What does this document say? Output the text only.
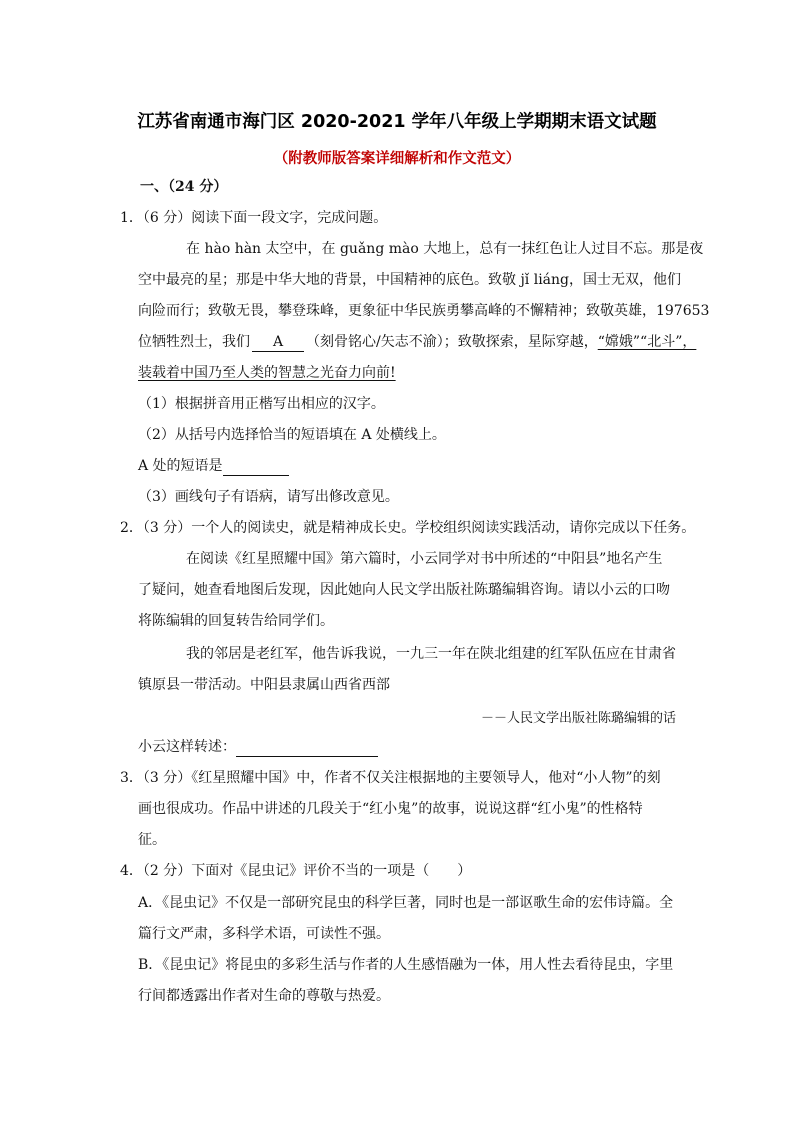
江苏省南通市海门区 2020-2021 学年八年级上学期期末语文试题
（附教师版答案详细解析和作文范文）
一、（24 分）
1．（6 分）阅读下面一段文字，完成问题。
在 hào hàn 太空中，在 guǎng mào 大地上，总有一抹红色让人过目不忘。那是夜
空中最亮的星；那是中华大地的背景，中国精神的底色。致敬 jǐ liáng，国士无双，他们
向险而行；致敬无畏，攀登珠峰，更象征中华民族勇攀高峰的不懈精神；致敬英雄，197653
位牺牲烈士，我们 A （刻骨铭心/矢志不渝）；致敬探索，星际穿越，“嫦娥”“北斗”，
装载着中国乃至人类的智慧之光奋力向前!
（1）根据拼音用正楷写出相应的汉字。
（2）从括号内选择恰当的短语填在 A 处横线上。
A 处的短语是
（3）画线句子有语病，请写出修改意见。
2．（3 分）一个人的阅读史，就是精神成长史。学校组织阅读实践活动，请你完成以下任务。
在阅读《红星照耀中国》第六篇时，小云同学对书中所述的“中阳县”地名产生
了疑问，她查看地图后发现，因此她向人民文学出版社陈璐编辑咨询。请以小云的口吻
将陈编辑的回复转告给同学们。
我的邻居是老红军，他告诉我说，一九三一年在陕北组建的红军队伍应在甘肃省
镇原县一带活动。中阳县隶属山西省西部
－－人民文学出版社陈璐编辑的话
小云这样转述：
3．（3 分）《红星照耀中国》中，作者不仅关注根据地的主要领导人，他对“小人物”的刻
画也很成功。作品中讲述的几段关于“红小鬼”的故事，说说这群“红小鬼”的性格特
征。
4．（2 分）下面对《昆虫记》评价不当的一项是（　　）
A．《昆虫记》不仅是一部研究昆虫的科学巨著，同时也是一部讴歌生命的宏伟诗篇。全
篇行文严肃，多科学术语，可读性不强。
B．《昆虫记》将昆虫的多彩生活与作者的人生感悟融为一体，用人性去看待昆虫，字里
行间都透露出作者对生命的尊敬与热爱。
